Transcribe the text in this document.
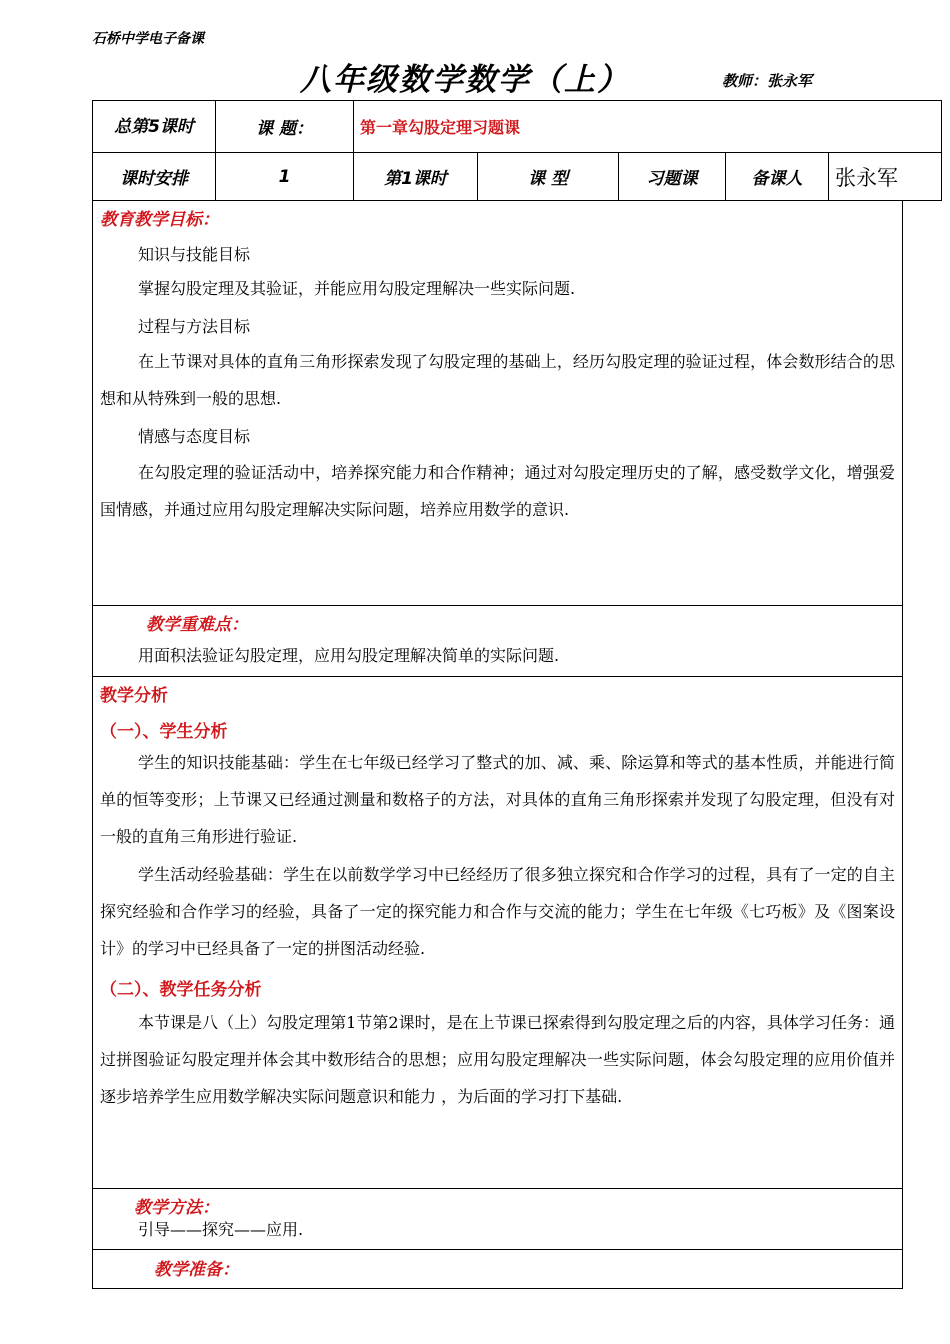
石桥中学电子备课
八年级数学数学（上）	教师：张永军
总第5课时	课 题：	第一章勾股定理习题课				
课时安排	1	第1课时	课 型	习题课	备课人	张永军
教育教学目标：

知识与技能目标

掌握勾股定理及其验证，并能应用勾股定理解决一些实际问题.

过程与方法目标

在上节课对具体的直角三角形探索发现了勾股定理的基础上，经历勾股定理的验证过程，体会数形结合的思想和从特殊到一般的思想.

情感与态度目标

在勾股定理的验证活动中，培养探究能力和合作精神；通过对勾股定理历史的了解，感受数学文化，增强爱国情感，并通过应用勾股定理解决实际问题，培养应用数学的意识.

教学重难点：

用面积法验证勾股定理，应用勾股定理解决简单的实际问题.

教学分析
（一）、学生分析

学生的知识技能基础：学生在七年级已经学习了整式的加、减、乘、除运算和等式的基本性质，并能进行简单的恒等变形；上节课又已经通过测量和数格子的方法，对具体的直角三角形探索并发现了勾股定理，但没有对一般的直角三角形进行验证.

学生活动经验基础：学生在以前数学学习中已经经历了很多独立探究和合作学习的过程，具有了一定的自主探究经验和合作学习的经验，具备了一定的探究能力和合作与交流的能力；学生在七年级《七巧板》及《图案设计》的学习中已经具备了一定的拼图活动经验.

（二）、教学任务分析

本节课是八（上）勾股定理第1节第2课时，是在上节课已探索得到勾股定理之后的内容，具体学习任务：通过拼图验证勾股定理并体会其中数形结合的思想；应用勾股定理解决一些实际问题，体会勾股定理的应用价值并逐步培养学生应用数学解决实际问题意识和能力 ，为后面的学习打下基础.

教学方法：

引导——探究——应用.

教学准备：
